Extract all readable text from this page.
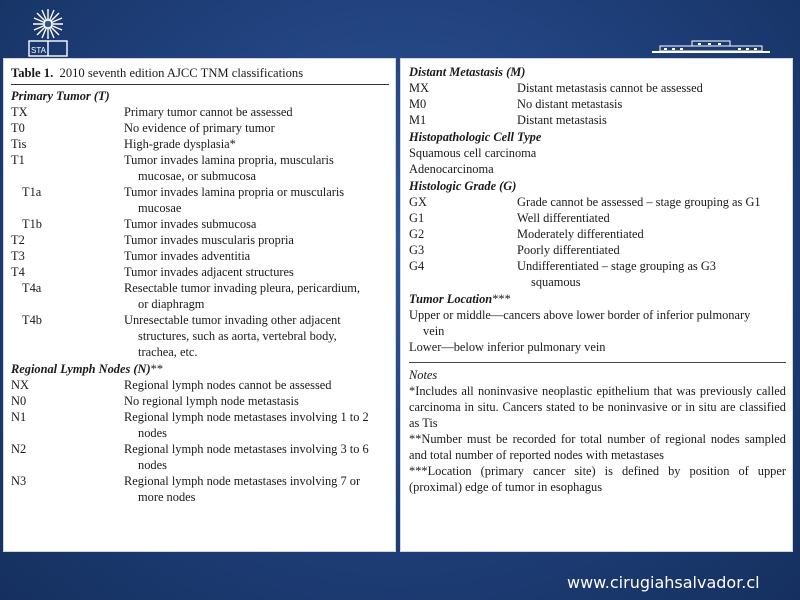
STA
Table 1. 2010 seventh edition AJCC TNM classifications
Primary Tumor (T)
TX	Primary tumor cannot be assessed
T0	No evidence of primary tumor
Tis	High-grade dysplasia*
T1	Tumor invades lamina propria, muscularis
mucosae, or submucosa
T1a	Tumor invades lamina propria or muscularis
mucosae
T1b	Tumor invades submucosa
T2	Tumor invades muscularis propria
T3	Tumor invades adventitia
T4	Tumor invades adjacent structures
T4a	Resectable tumor invading pleura, pericardium,
or diaphragm
T4b	Unresectable tumor invading other adjacent
structures, such as aorta, vertebral body,
trachea, etc.
Regional Lymph Nodes (N)**
NX	Regional lymph nodes cannot be assessed
N0	No regional lymph node metastasis
N1	Regional lymph node metastases involving 1 to 2
nodes
N2	Regional lymph node metastases involving 3 to 6
nodes
N3	Regional lymph node metastases involving 7 or
more nodes
Distant Metastasis (M)
MX	Distant metastasis cannot be assessed
M0	No distant metastasis
M1	Distant metastasis
Histopathologic Cell Type
Squamous cell carcinoma
Adenocarcinoma
Histologic Grade (G)
GX	Grade cannot be assessed – stage grouping as G1
G1	Well differentiated
G2	Moderately differentiated
G3	Poorly differentiated
G4	Undifferentiated – stage grouping as G3
squamous
Tumor Location***
Upper or middle—cancers above lower border of inferior pulmonary
vein
Lower—below inferior pulmonary vein
Notes
*Includes all noninvasive neoplastic epithelium that was previously called carcinoma in situ. Cancers stated to be noninvasive or in situ are classified as Tis
**Number must be recorded for total number of regional nodes sampled and total number of reported nodes with metastases
***Location (primary cancer site) is defined by position of upper (proximal) edge of tumor in esophagus
www.cirugiahsalvador.cl
